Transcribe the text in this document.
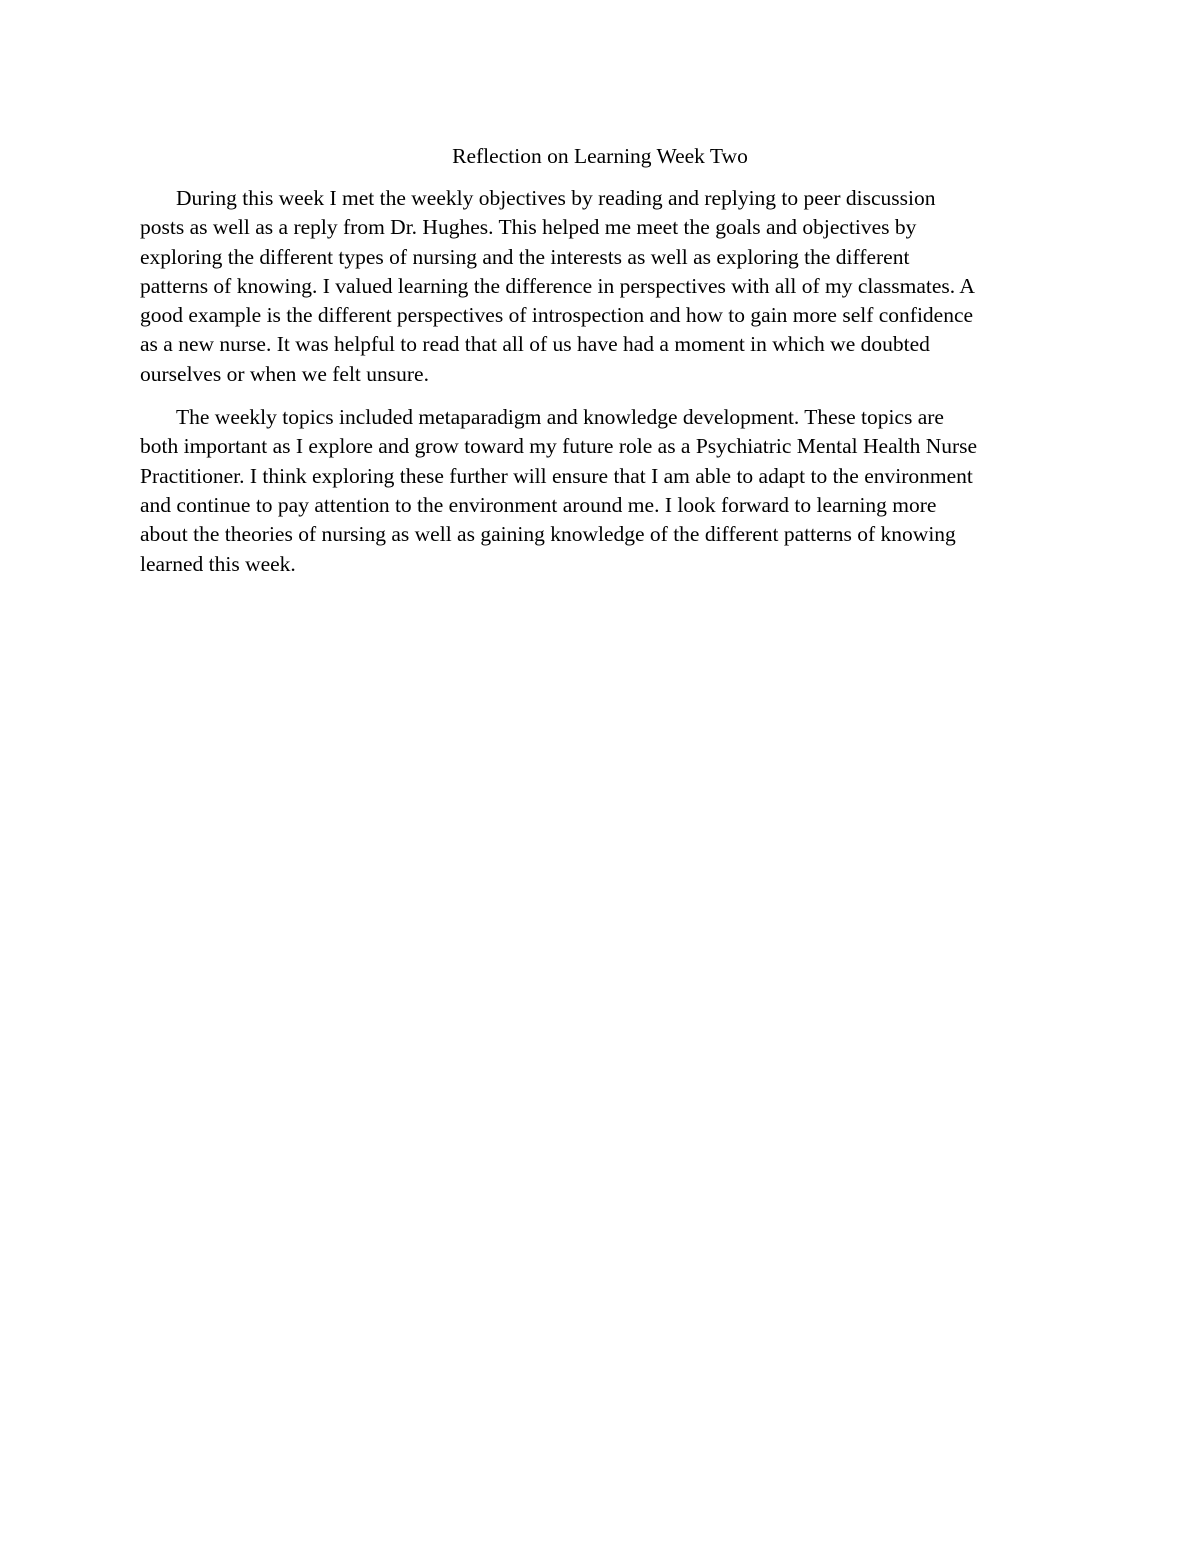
Reflection on Learning Week Two

During this week I met the weekly objectives by reading and replying to peer discussion
posts as well as a reply from Dr. Hughes. This helped me meet the goals and objectives by
exploring the different types of nursing and the interests as well as exploring the different
patterns of knowing. I valued learning the difference in perspectives with all of my classmates. A
good example is the different perspectives of introspection and how to gain more self confidence
as a new nurse. It was helpful to read that all of us have had a moment in which we doubted
ourselves or when we felt unsure.

The weekly topics included metaparadigm and knowledge development. These topics are
both important as I explore and grow toward my future role as a Psychiatric Mental Health Nurse
Practitioner. I think exploring these further will ensure that I am able to adapt to the environment
and continue to pay attention to the environment around me. I look forward to learning more
about the theories of nursing as well as gaining knowledge of the different patterns of knowing
learned this week.
